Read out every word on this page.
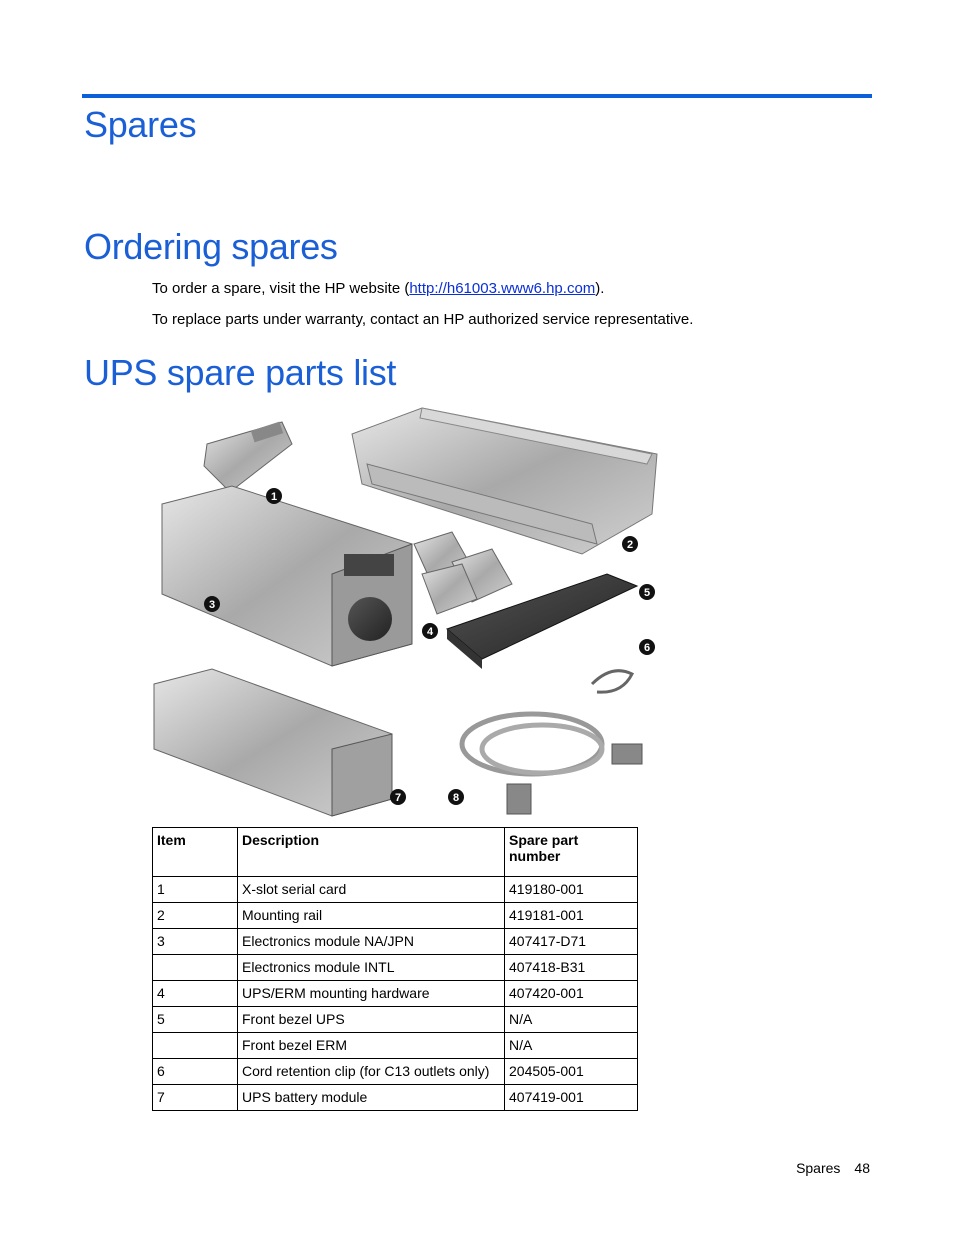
Spares
Ordering spares

To order a spare, visit the HP website (http://h61003.www6.hp.com).

To replace parts under warranty, contact an HP authorized service representative.

UPS spare parts list
1
2
3
4
5
6
7	8
Item	Description	Spare part number
1	X-slot serial card	419180-001
2	Mounting rail	419181-001
3	Electronics module NA/JPN	407417-D71
	Electronics module INTL	407418-B31
4	UPS/ERM mounting hardware	407420-001
5	Front bezel UPS	N/A
	Front bezel ERM	N/A
6	Cord retention clip (for C13 outlets only)	204505-001
7	UPS battery module	407419-001
Spares 48
